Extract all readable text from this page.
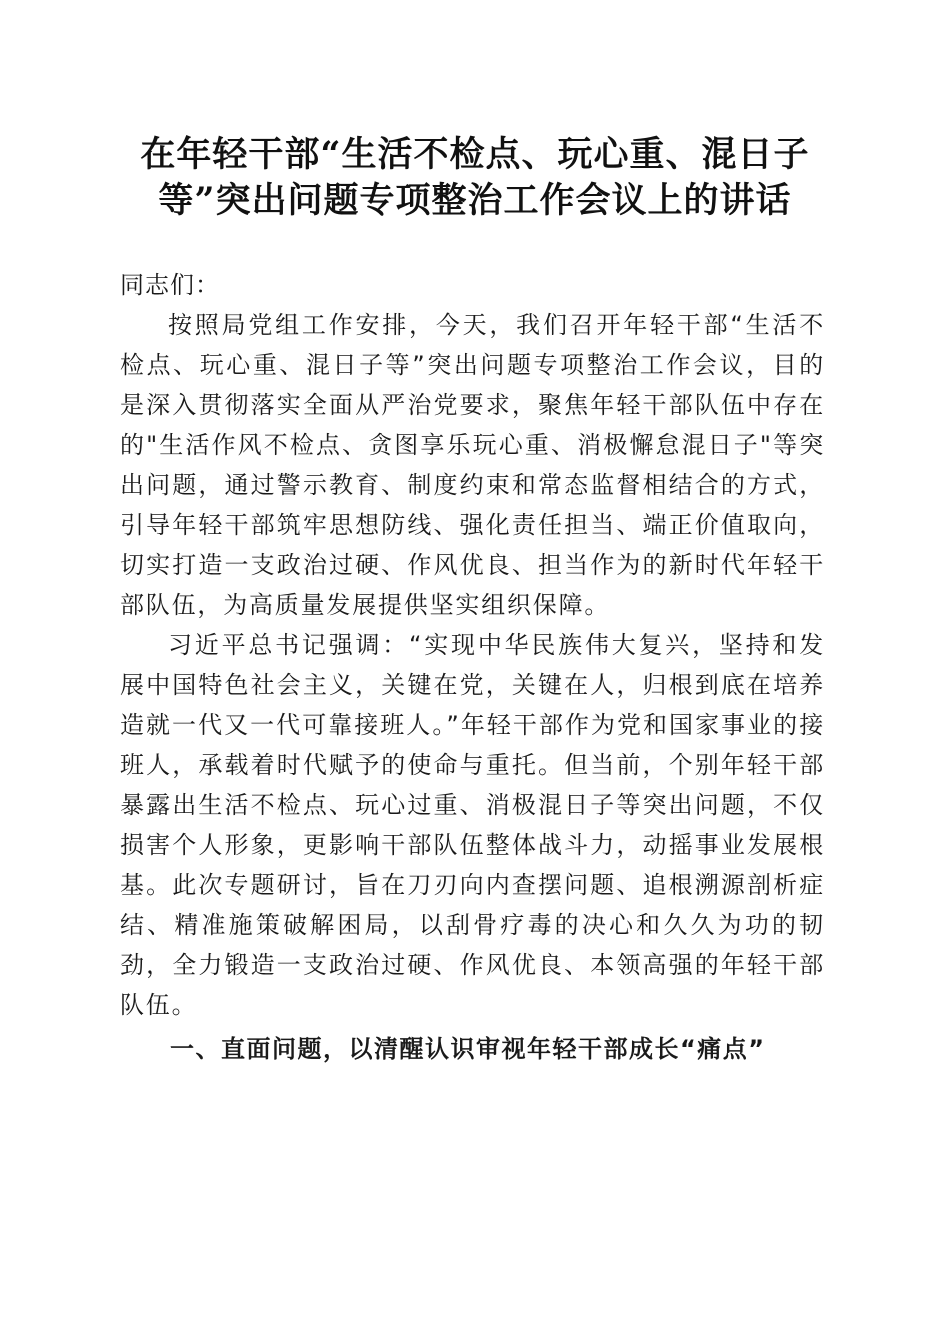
在年轻干部“生活不检点、玩心重、混日子
等”突出问题专项整治工作会议上的讲话

同志们：

按照局党组工作安排，今天，我们召开年轻干部“生活不检点、玩心重、混日子等”突出问题专项整治工作会议，目的是深入贯彻落实全面从严治党要求，聚焦年轻干部队伍中存在的"生活作风不检点、贪图享乐玩心重、消极懈怠混日子"等突出问题，通过警示教育、制度约束和常态监督相结合的方式，引导年轻干部筑牢思想防线、强化责任担当、端正价值取向，切实打造一支政治过硬、作风优良、担当作为的新时代年轻干部队伍，为高质量发展提供坚实组织保障。

习近平总书记强调：“实现中华民族伟大复兴，坚持和发展中国特色社会主义，关键在党，关键在人，归根到底在培养造就一代又一代可靠接班人。”年轻干部作为党和国家事业的接班人，承载着时代赋予的使命与重托。但当前，个别年轻干部暴露出生活不检点、玩心过重、消极混日子等突出问题，不仅损害个人形象，更影响干部队伍整体战斗力，动摇事业发展根基。此次专题研讨，旨在刀刃向内查摆问题、追根溯源剖析症结、精准施策破解困局，以刮骨疗毒的决心和久久为功的韧劲，全力锻造一支政治过硬、作风优良、本领高强的年轻干部队伍。

一、直面问题，以清醒认识审视年轻干部成长“痛点”
